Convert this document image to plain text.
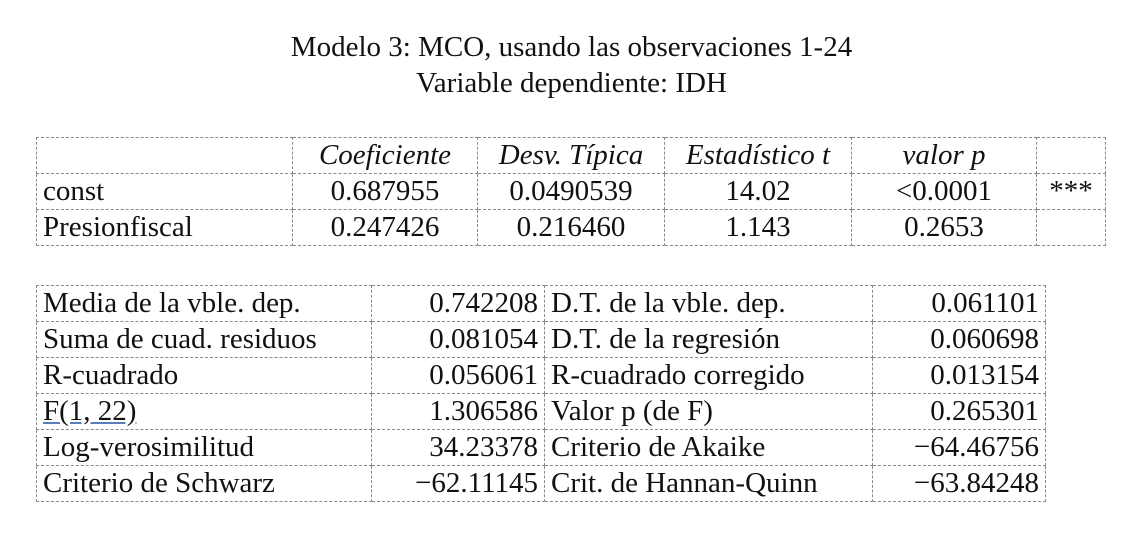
Modelo 3: MCO, usando las observaciones 1-24
Variable dependiente: IDH
	Coeficiente	Desv. Típica	Estadístico t	valor p	
const	0.687955	0.0490539	14.02	<0.0001	***
Presionfiscal	0.247426	0.216460	1.143	0.2653	
Media de la vble. dep.	0.742208	D.T. de la vble. dep.	0.061101
Suma de cuad. residuos	0.081054	D.T. de la regresión	0.060698
R-cuadrado	0.056061	R-cuadrado corregido	0.013154
F(1, 22)	1.306586	Valor p (de F)	0.265301
Log-verosimilitud	34.23378	Criterio de Akaike	−64.46756
Criterio de Schwarz	−62.11145	Crit. de Hannan-Quinn	−63.84248
